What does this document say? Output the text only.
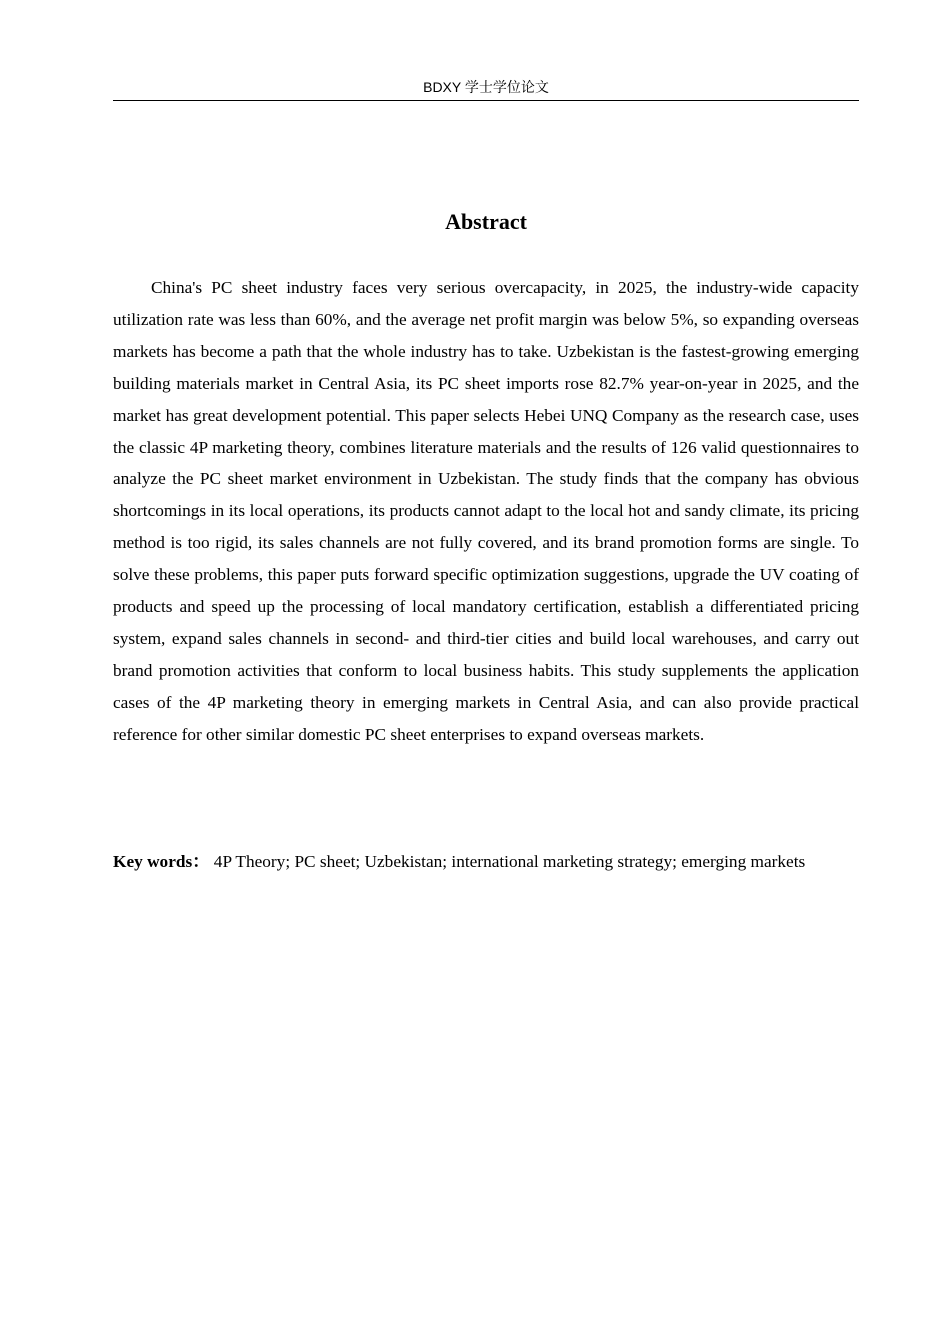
BDXY 学士学位论文
Abstract

China's PC sheet industry faces very serious overcapacity, in 2025, the industry-wide capacity utilization rate was less than 60%, and the average net profit margin was below 5%, so expanding overseas markets has become a path that the whole industry has to take. Uzbekistan is the fastest-growing emerging building materials market in Central Asia, its PC sheet imports rose 82.7% year-on-year in 2025, and the market has great development potential. This paper selects Hebei UNQ Company as the research case, uses the classic 4P marketing theory, combines literature materials and the results of 126 valid questionnaires to analyze the PC sheet market environment in Uzbekistan. The study finds that the company has obvious shortcomings in its local operations, its products cannot adapt to the local hot and sandy climate, its pricing method is too rigid, its sales channels are not fully covered, and its brand promotion forms are single. To solve these problems, this paper puts forward specific optimization suggestions, upgrade the UV coating of products and speed up the processing of local mandatory certification, establish a differentiated pricing system, expand sales channels in second- and third-tier cities and build local warehouses, and carry out brand promotion activities that conform to local business habits. This study supplements the application cases of the 4P marketing theory in emerging markets in Central Asia, and can also provide practical reference for other similar domestic PC sheet enterprises to expand overseas markets.

Key words： 4P Theory; PC sheet; Uzbekistan; international marketing strategy; emerging markets
